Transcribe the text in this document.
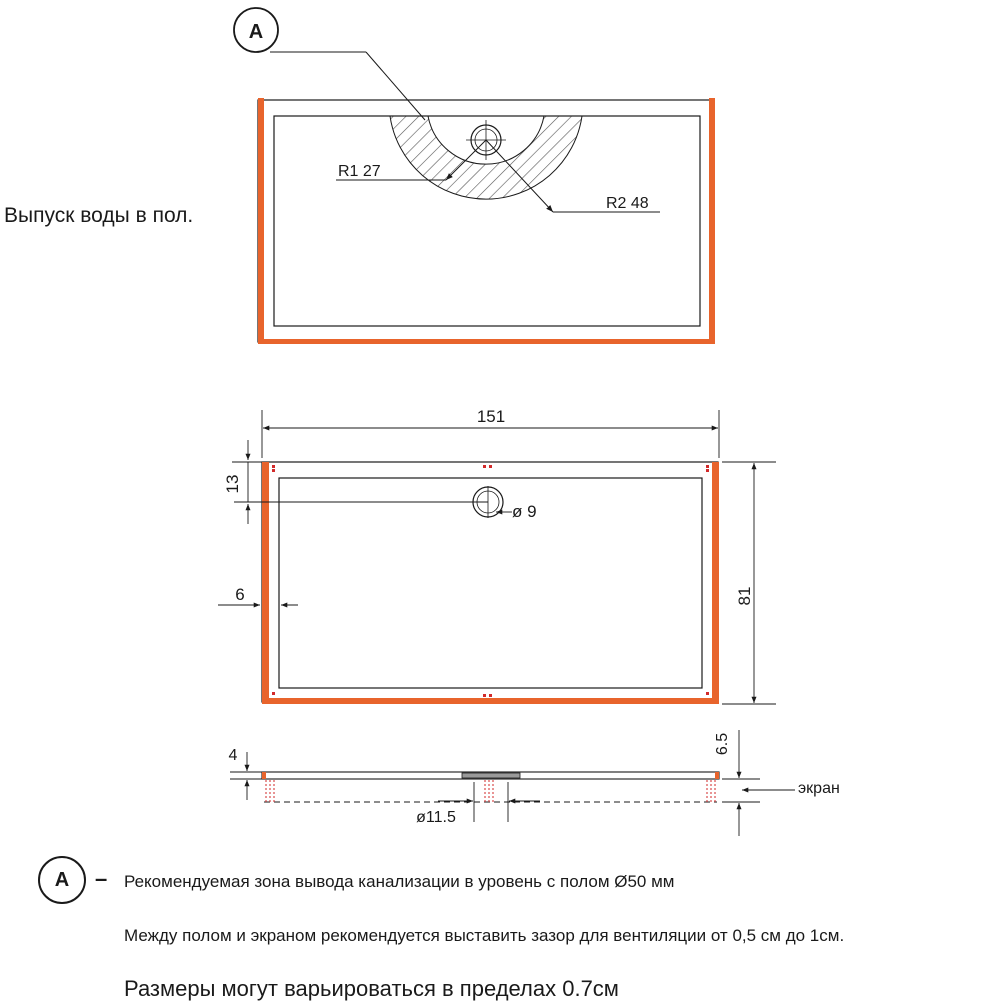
A
R1 27
R2 48
Выпуск воды в пол.
ø 9
151
81
13
6
4
6.5
экран
ø11.5
A	– Рекомендуемая зона вывода канализации в уровень с полом Ø50 мм
Между полом и экраном рекомендуется выставить зазор для вентиляции от 0,5 см до 1см.
Размеры могут варьироваться в пределах 0.7см
